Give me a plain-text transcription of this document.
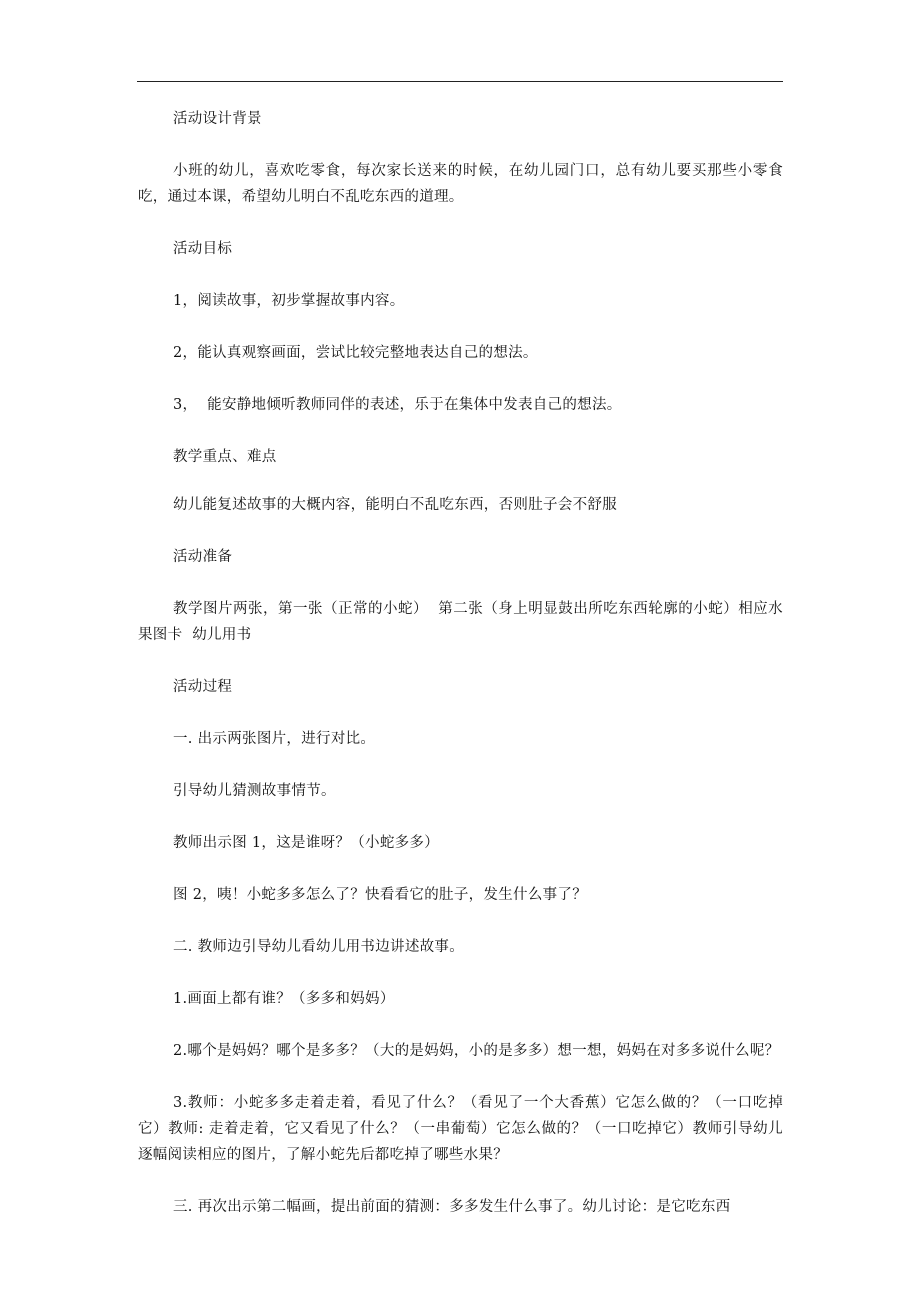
活动设计背景

小班的幼儿，喜欢吃零食，每次家长送来的时候，在幼儿园门口，总有幼儿要买那些小零食吃，通过本课，希望幼儿明白不乱吃东西的道理。

活动目标

1，阅读故事，初步掌握故事内容。

2，能认真观察画面，尝试比较完整地表达自己的想法。

3，  能安静地倾听教师同伴的表述，乐于在集体中发表自己的想法。

教学重点、难点

幼儿能复述故事的大概内容，能明白不乱吃东西，否则肚子会不舒服

活动准备

教学图片两张，第一张（正常的小蛇）  第二张（身上明显鼓出所吃东西轮廓的小蛇）相应水果图卡  幼儿用书

活动过程

一. 出示两张图片，进行对比。

引导幼儿猜测故事情节。

教师出示图 1，这是谁呀？（小蛇多多）

图 2，咦！小蛇多多怎么了？快看看它的肚子，发生什么事了？

二. 教师边引导幼儿看幼儿用书边讲述故事。

1.画面上都有谁？（多多和妈妈）

2.哪个是妈妈？哪个是多多？（大的是妈妈，小的是多多）想一想，妈妈在对多多说什么呢？

3.教师：小蛇多多走着走着，看见了什么？（看见了一个大香蕉）它怎么做的？（一口吃掉它）教师: 走着走着，它又看见了什么？（一串葡萄）它怎么做的？（一口吃掉它）教师引导幼儿逐幅阅读相应的图片，了解小蛇先后都吃掉了哪些水果？

三. 再次出示第二幅画，提出前面的猜测：多多发生什么事了。幼儿讨论：是它吃东西
